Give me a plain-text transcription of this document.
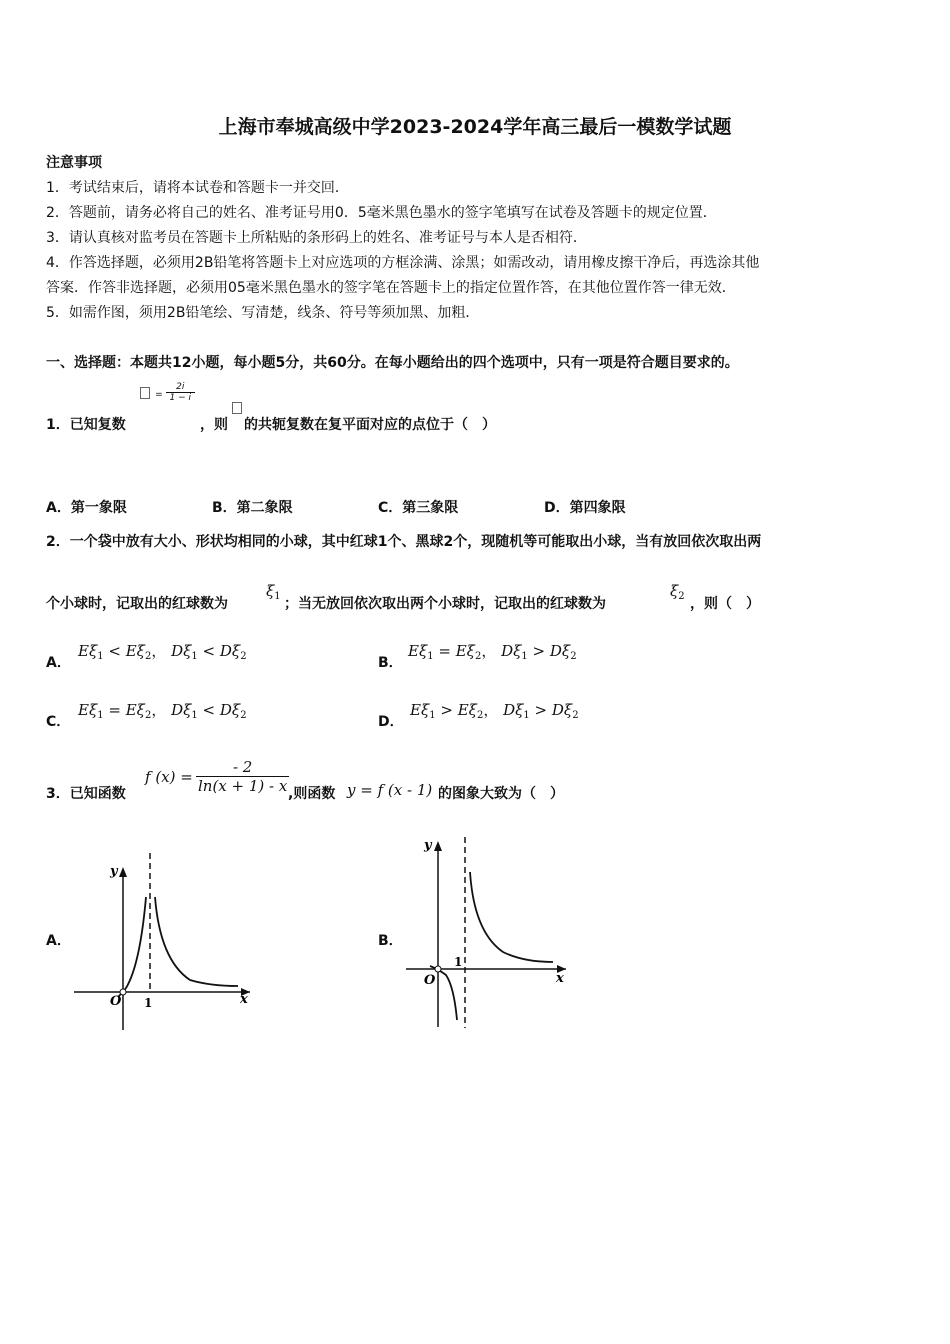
上海市奉城高级中学2023-2024学年高三最后一模数学试题
注意事项
1．考试结束后，请将本试卷和答题卡一并交回．
2．答题前，请务必将自己的姓名、准考证号用0．5毫米黑色墨水的签字笔填写在试卷及答题卡的规定位置．
3．请认真核对监考员在答题卡上所粘贴的条形码上的姓名、准考证号与本人是否相符．
4．作答选择题，必须用2B铅笔将答题卡上对应选项的方框涂满、涂黑；如需改动，请用橡皮擦干净后，再选涂其他
答案．作答非选择题，必须用05毫米黑色墨水的签字笔在答题卡上的指定位置作答，在其他位置作答一律无效．
5．如需作图，须用2B铅笔绘、写清楚，线条、符号等须加黑、加粗．
一、选择题：本题共12小题，每小题5分，共60分。在每小题给出的四个选项中，只有一项是符合题目要求的。
= $\frac{2i}{1 - i}$
1．已知复数	，则 的共轭复数在复平面对应的点位于（　）
A．第一象限	B．第二象限	C．第三象限	D．第四象限
2．一个袋中放有大小、形状均相同的小球，其中红球1个、黑球2个，现随机等可能取出小球，当有放回依次取出两
个小球时，记取出的红球数为
$\xi_1$ ；当无放回依次取出两个小球时，记取出的红球数为
$\xi_2$ ，则（　）
A．
$E\xi_1 < E\xi_2$， $D\xi_1 < D\xi_2$	B．
$E\xi_1 = E\xi_2$， $D\xi_1 > D\xi_2$
C．
$E\xi_1 = E\xi_2$， $D\xi_1 < D\xi_2$	D．
$E\xi_1 > E\xi_2$， $D\xi_1 > D\xi_2$
3．已知函数
f $(x) = \frac{- 2}{\ln(x + 1) - x}$
,则函数 y = f (x - 1) 的图象大致为（　）
A．	B．
y
x
O 1
y
x
O
1
